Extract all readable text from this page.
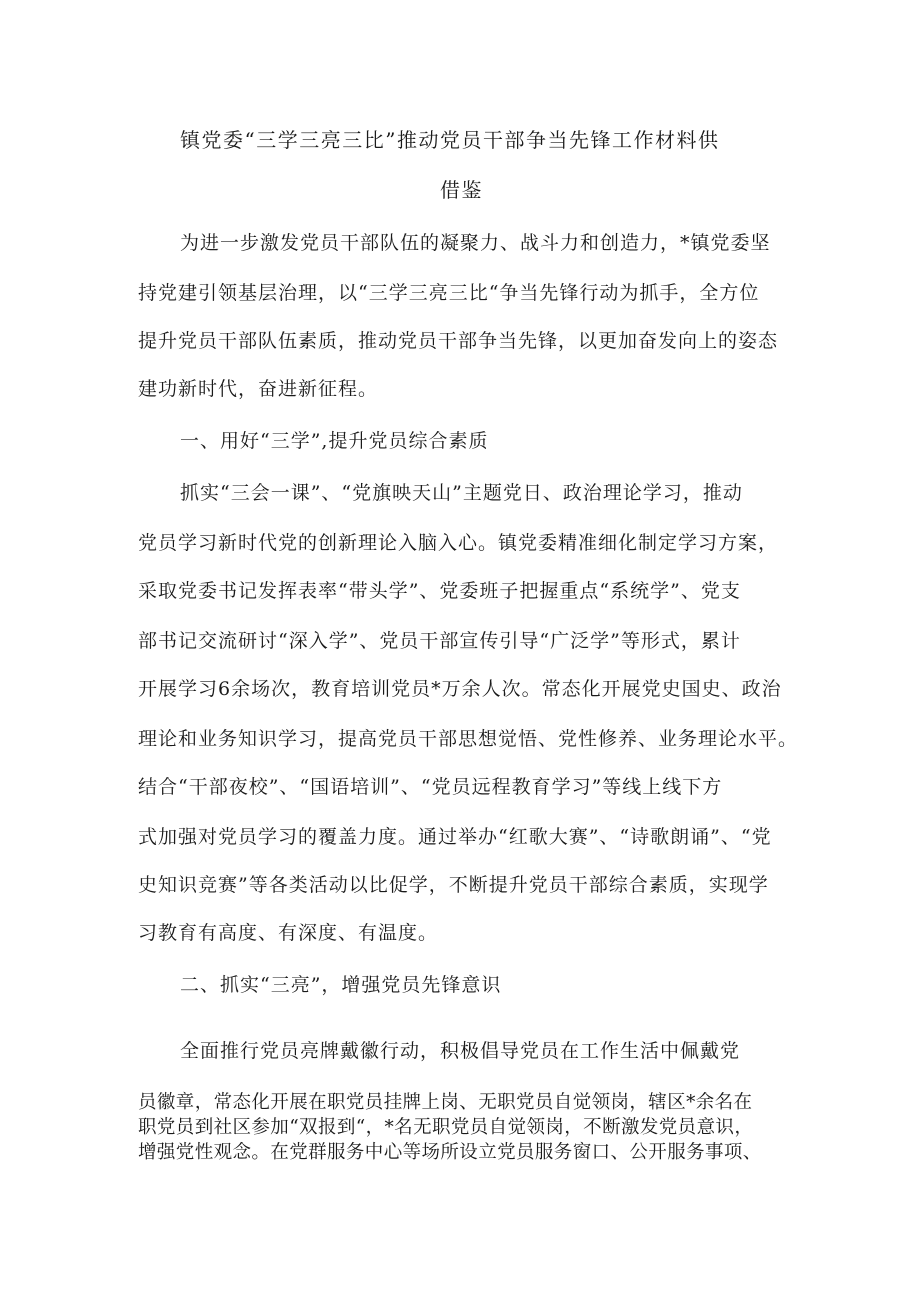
镇党委“三学三亮三比”推动党员干部争当先锋工作材料供
借鉴
为进一步激发党员干部队伍的凝聚力、战斗力和创造力，*镇党委坚
持党建引领基层治理，以“三学三亮三比“争当先锋行动为抓手，全方位
提升党员干部队伍素质，推动党员干部争当先锋，以更加奋发向上的姿态
建功新时代，奋进新征程。
一、用好“三学”,提升党员综合素质
抓实“三会一课”、“党旗映天山”主题党日、政治理论学习，推动
党员学习新时代党的创新理论入脑入心。镇党委精准细化制定学习方案，
采取党委书记发挥表率“带头学”、党委班子把握重点“系统学”、党支
部书记交流研讨“深入学”、党员干部宣传引导“广泛学”等形式，累计
开展学习6余场次，教育培训党员*万余人次。常态化开展党史国史、政治
理论和业务知识学习，提高党员干部思想觉悟、党性修养、业务理论水平。
结合“干部夜校”、“国语培训”、“党员远程教育学习”等线上线下方
式加强对党员学习的覆盖力度。通过举办“红歌大赛”、“诗歌朗诵”、“党
史知识竞赛”等各类活动以比促学，不断提升党员干部综合素质，实现学
习教育有高度、有深度、有温度。
二、抓实“三亮”，增强党员先锋意识
全面推行党员亮牌戴徽行动，积极倡导党员在工作生活中佩戴党
员徽章，常态化开展在职党员挂牌上岗、无职党员自觉领岗，辖区*余名在
职党员到社区参加“双报到“，*名无职党员自觉领岗，不断激发党员意识，
增强党性观念。在党群服务中心等场所设立党员服务窗口、公开服务事项、
